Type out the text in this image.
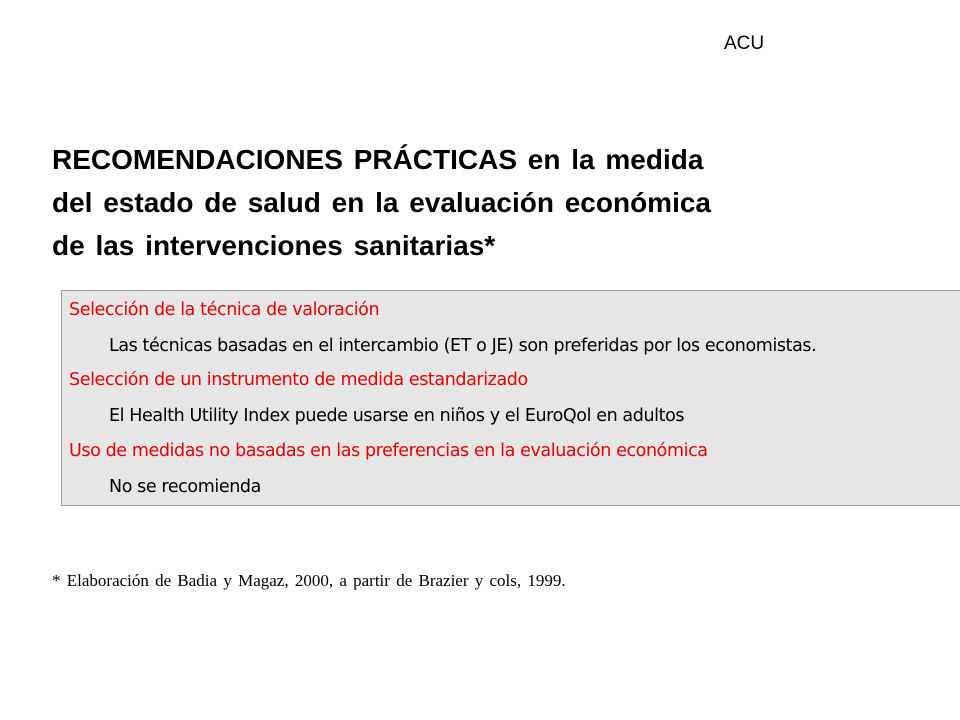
ACU
RECOMENDACIONES PRÁCTICAS en la medida
del estado de salud en la evaluación económica
de las intervenciones sanitarias*
Selección de la técnica de valoración
Las técnicas basadas en el intercambio (ET o JE) son preferidas por los economistas.
Selección de un instrumento de medida estandarizado
El Health Utility Index puede usarse en niños y el EuroQol en adultos
Uso de medidas no basadas en las preferencias en la evaluación económica
No se recomienda
* Elaboración de Badia y Magaz, 2000, a partir de Brazier y cols, 1999.
